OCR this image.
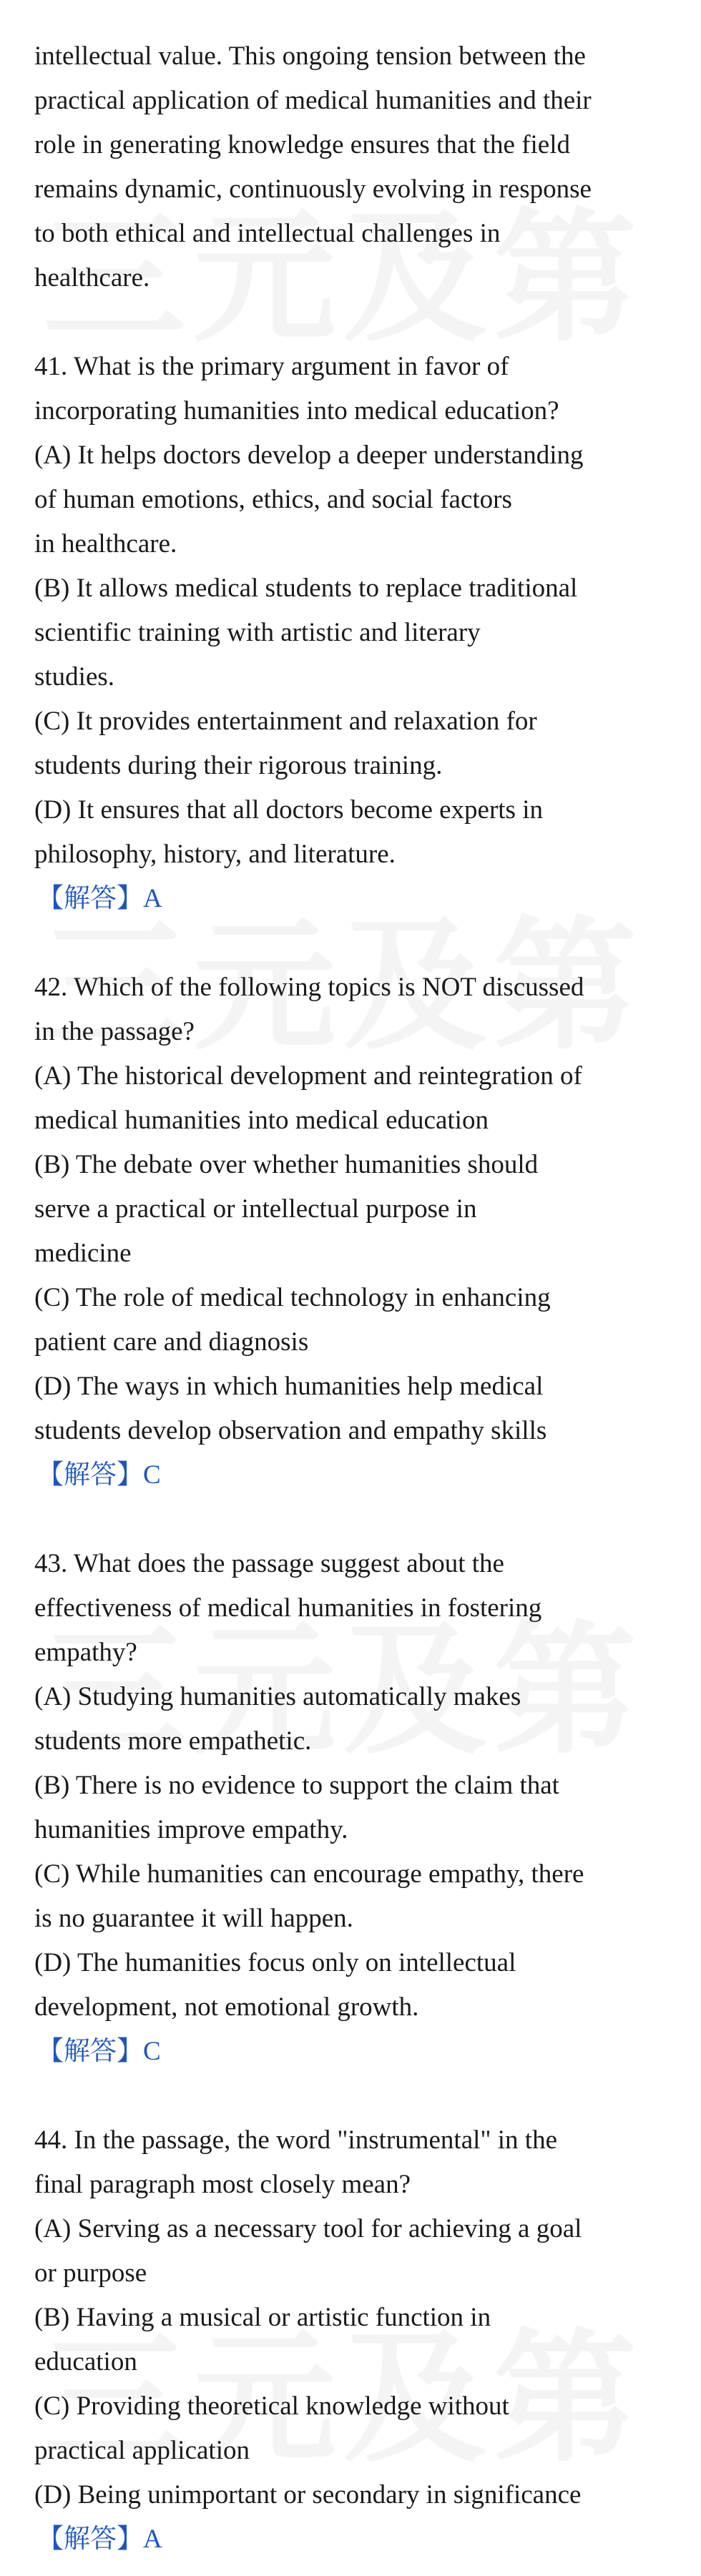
intellectual value. This ongoing tension between the
practical application of medical humanities and their
role in generating knowledge ensures that the field
remains dynamic, continuously evolving in response
to both ethical and intellectual challenges in
healthcare.
41. What is the primary argument in favor of
incorporating humanities into medical education?
(A) It helps doctors develop a deeper understanding
of human emotions, ethics, and social factors
in healthcare.
(B) It allows medical students to replace traditional
scientific training with artistic and literary
studies.
(C) It provides entertainment and relaxation for
students during their rigorous training.
(D) It ensures that all doctors become experts in
philosophy, history, and literature.
【解答】A
42. Which of the following topics is NOT discussed
in the passage?
(A) The historical development and reintegration of
medical humanities into medical education
(B) The debate over whether humanities should
serve a practical or intellectual purpose in
medicine
(C) The role of medical technology in enhancing
patient care and diagnosis
(D) The ways in which humanities help medical
students develop observation and empathy skills
【解答】C
43. What does the passage suggest about the
effectiveness of medical humanities in fostering
empathy?
(A) Studying humanities automatically makes
students more empathetic.
(B) There is no evidence to support the claim that
humanities improve empathy.
(C) While humanities can encourage empathy, there
is no guarantee it will happen.
(D) The humanities focus only on intellectual
development, not emotional growth.
【解答】C
44. In the passage, the word "instrumental" in the
final paragraph most closely mean?
(A) Serving as a necessary tool for achieving a goal
or purpose
(B) Having a musical or artistic function in
education
(C) Providing theoretical knowledge without
practical application
(D) Being unimportant or secondary in significance
【解答】A
